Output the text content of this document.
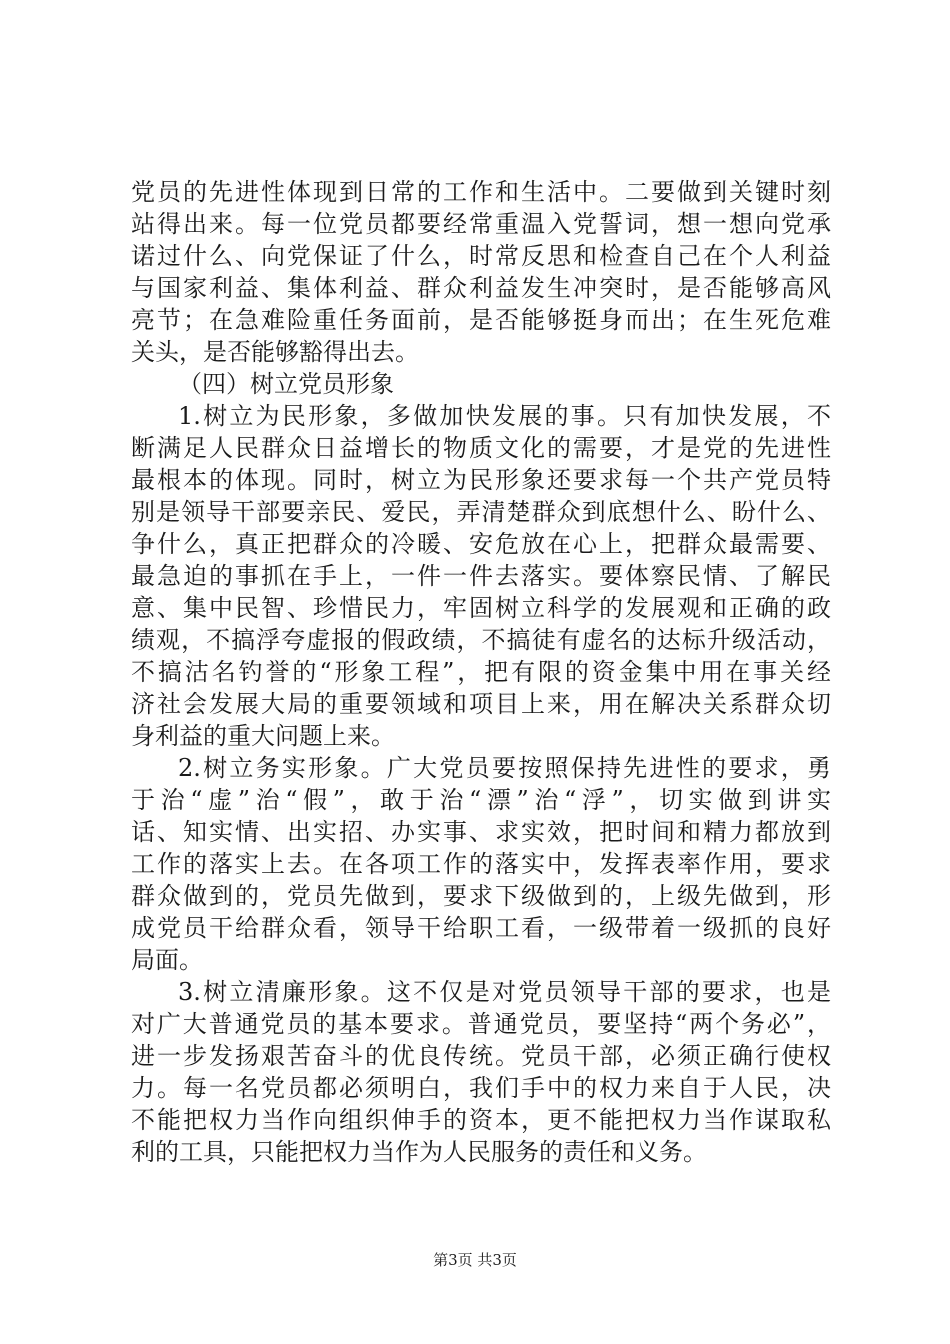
党员的先进性体现到日常的工作和生活中。二要做到关键时刻
站得出来。每一位党员都要经常重温入党誓词，想一想向党承
诺过什么、向党保证了什么，时常反思和检查自己在个人利益
与国家利益、集体利益、群众利益发生冲突时，是否能够高风
亮节；在急难险重任务面前，是否能够挺身而出；在生死危难
关头，是否能够豁得出去。
（四）树立党员形象
1.树立为民形象，多做加快发展的事。只有加快发展，不
断满足人民群众日益增长的物质文化的需要，才是党的先进性
最根本的体现。同时，树立为民形象还要求每一个共产党员特
别是领导干部要亲民、爱民，弄清楚群众到底想什么、盼什么、
争什么，真正把群众的冷暖、安危放在心上，把群众最需要、
最急迫的事抓在手上，一件一件去落实。要体察民情、了解民
意、集中民智、珍惜民力，牢固树立科学的发展观和正确的政
绩观，不搞浮夸虚报的假政绩，不搞徒有虚名的达标升级活动，
不搞沽名钓誉的“形象工程”，把有限的资金集中用在事关经
济社会发展大局的重要领域和项目上来，用在解决关系群众切
身利益的重大问题上来。
2.树立务实形象。广大党员要按照保持先进性的要求，勇
于治“虚”治“假”，敢于治“漂”治“浮”，切实做到讲实
话、知实情、出实招、办实事、求实效，把时间和精力都放到
工作的落实上去。在各项工作的落实中，发挥表率作用，要求
群众做到的，党员先做到，要求下级做到的，上级先做到，形
成党员干给群众看，领导干给职工看，一级带着一级抓的良好
局面。
3.树立清廉形象。这不仅是对党员领导干部的要求，也是
对广大普通党员的基本要求。普通党员，要坚持“两个务必”，
进一步发扬艰苦奋斗的优良传统。党员干部，必须正确行使权
力。每一名党员都必须明白，我们手中的权力来自于人民，决
不能把权力当作向组织伸手的资本，更不能把权力当作谋取私
利的工具，只能把权力当作为人民服务的责任和义务。
第3页 共3页
